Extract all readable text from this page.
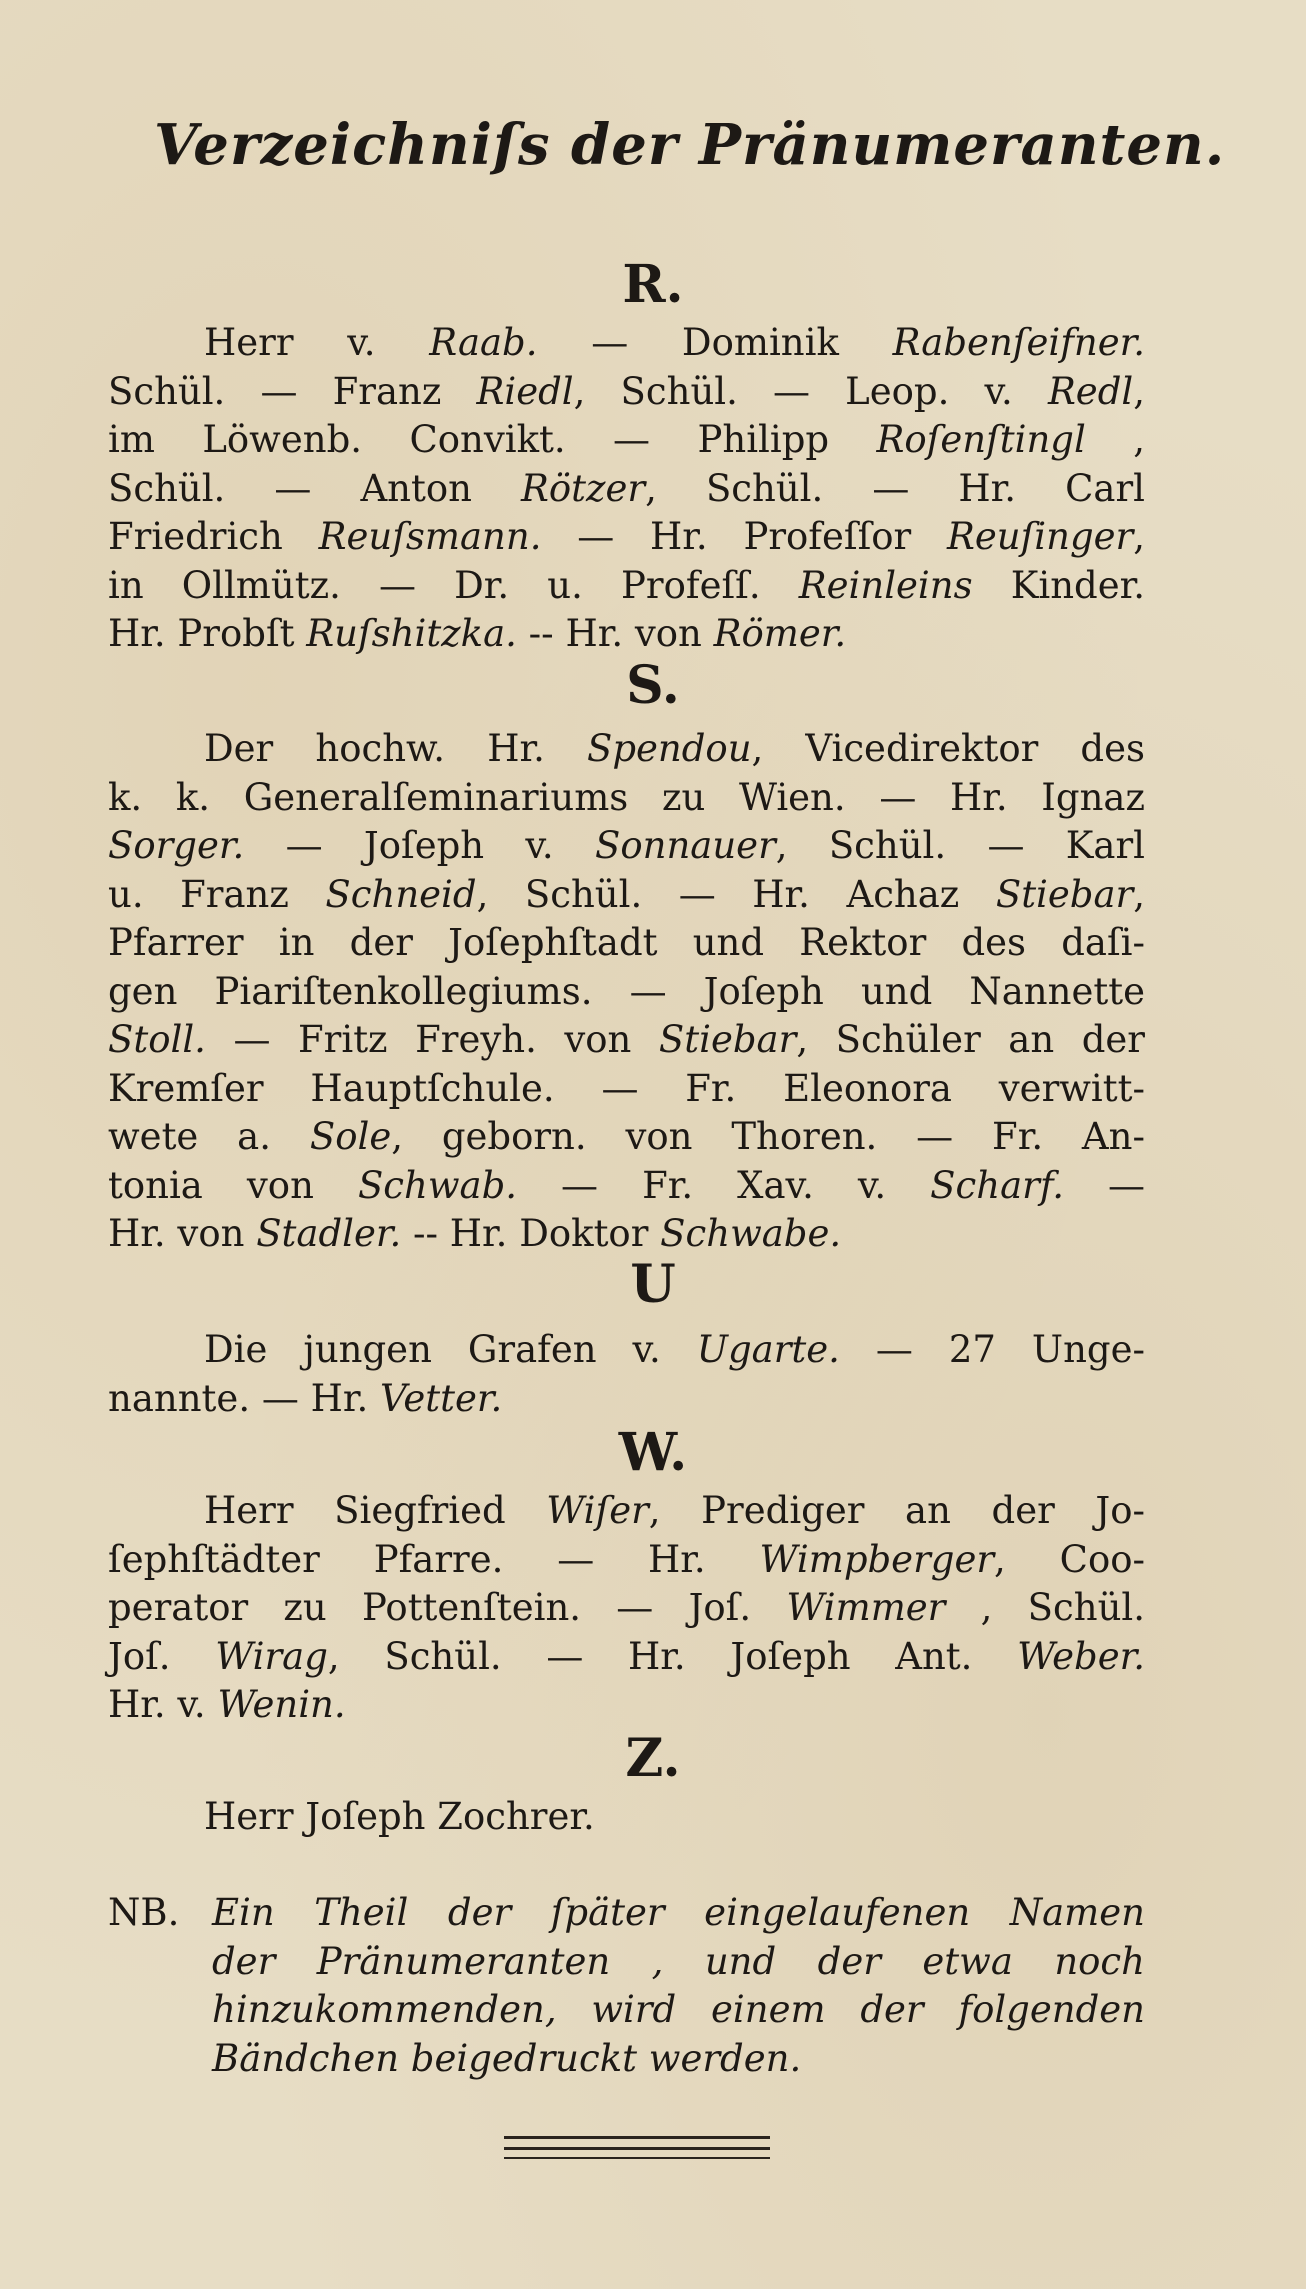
Verzeichniſs der Pränumeranten.
R.
Herr v. Raab. — Dominik Rabenſeifner.
Schül. — Franz Riedl, Schül. — Leop. v. Redl,
im Löwenb. Convikt. — Philipp Roſenſtingl ,
Schül. — Anton Rötzer, Schül. — Hr. Carl
Friedrich Reuſsmann. — Hr. Profeſſor Reuſinger,
in Ollmütz. — Dr. u. Profeſſ. Reinleins Kinder.
Hr. Probſt Ruſshitzka. -- Hr. von Römer.
S.
Der hochw. Hr. Spendou, Vicedirektor des
k. k. Generalſeminariums zu Wien. — Hr. Ignaz
Sorger. — Joſeph v. Sonnauer, Schül. — Karl
u. Franz Schneid, Schül. — Hr. Achaz Stiebar,
Pfarrer in der Joſephſtadt und Rektor des daſi-
gen Piariſtenkollegiums. — Joſeph und Nannette
Stoll. — Fritz Freyh. von Stiebar, Schüler an der
Kremſer Hauptſchule. — Fr. Eleonora verwitt-
wete a. Sole, geborn. von Thoren. — Fr. An-
tonia von Schwab. — Fr. Xav. v. Scharf. —
Hr. von Stadler. -- Hr. Doktor Schwabe.
U
Die jungen Grafen v. Ugarte. — 27 Unge-
nannte. — Hr. Vetter.
W.
Herr Siegfried Wiſer, Prediger an der Jo-
ſephſtädter Pfarre. — Hr. Wimpberger, Coo-
perator zu Pottenſtein. — Joſ. Wimmer , Schül.
Joſ. Wirag, Schül. — Hr. Joſeph Ant. Weber.
Hr. v. Wenin.
Z.
Herr Joſeph Zochrer.
NB. Ein Theil der ſpäter eingelaufenen Namen
der Pränumeranten , und der etwa noch
hinzukommenden, wird einem der folgenden
Bändchen beigedruckt werden.
